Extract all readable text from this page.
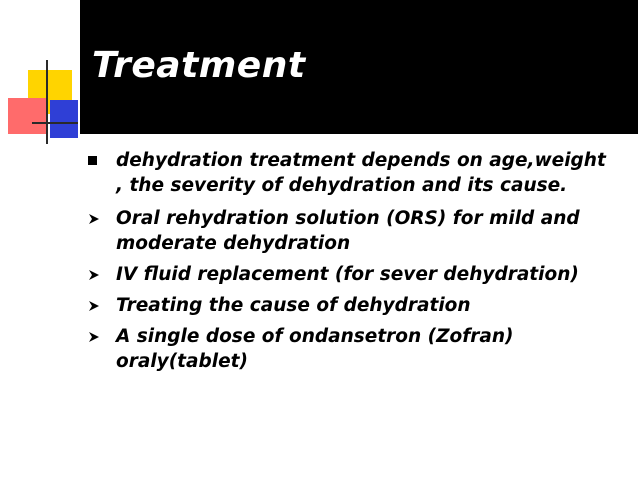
Treatment
dehydration treatment depends on age,weight , the severity of dehydration and its cause.
Oral rehydration solution (ORS) for mild and moderate dehydration
IV fluid replacement (for sever dehydration)
Treating the cause of dehydration
A single dose of ondansetron (Zofran) oraly(tablet)
